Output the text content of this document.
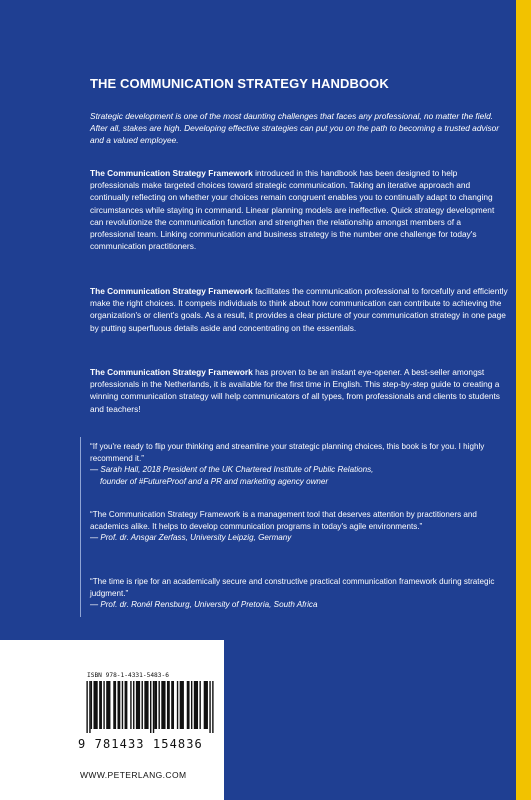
THE COMMUNICATION STRATEGY HANDBOOK

Strategic development is one of the most daunting challenges that faces any professional, no matter the field. After all, stakes are high. Developing effective strategies can put you on the path to becoming a trusted advisor and a valued employee.

The Communication Strategy Framework introduced in this handbook has been designed to help professionals make targeted choices toward strategic communication. Taking an iterative approach and continually reflecting on whether your choices remain congruent enables you to continually adapt to changing circumstances while staying in command. Linear planning models are ineffective. Quick strategy development can revolutionize the communication function and strengthen the relationship amongst members of a professional team. Linking communication and business strategy is the number one challenge for today's communication practitioners.

The Communication Strategy Framework facilitates the communication professional to forcefully and efficiently make the right choices. It compels individuals to think about how communication can contribute to achieving the organization's or client's goals. As a result, it provides a clear picture of your communication strategy in one page by putting superfluous details aside and concentrating on the essentials.

The Communication Strategy Framework has proven to be an instant eye-opener. A best-seller amongst professionals in the Netherlands, it is available for the first time in English. This step-by-step guide to creating a winning communication strategy will help communicators of all types, from professionals and clients to students and teachers!

“If you're ready to flip your thinking and streamline your strategic planning choices, this book is for you. I highly recommend it.”
— Sarah Hall, 2018 President of the UK Chartered Institute of Public Relations,
founder of #FutureProof and a PR and marketing agency owner

“The Communication Strategy Framework is a management tool that deserves attention by practitioners and academics alike. It helps to develop communication programs in today's agile environments.”
— Prof. dr. Ansgar Zerfass, University Leipzig, Germany

“The time is ripe for an academically secure and constructive practical communication framework during strategic judgment.”
— Prof. dr. Ronél Rensburg, University of Pretoria, South Africa

ISBN 978-1-4331-5483-6
9 781433 154836
WWW.PETERLANG.COM
